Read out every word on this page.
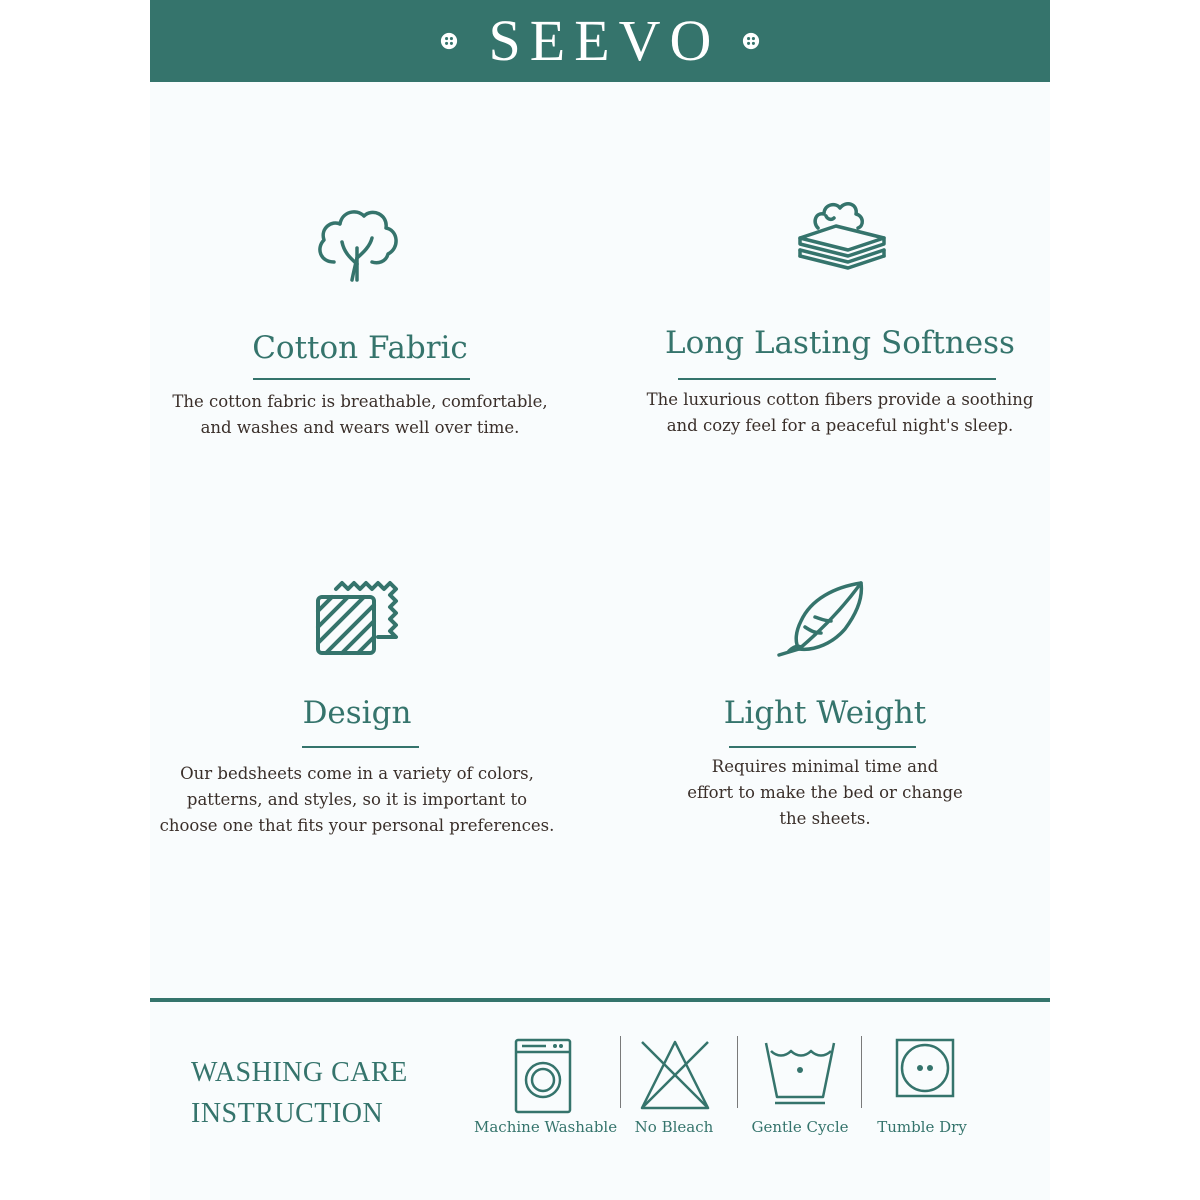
SEEVO
Cotton Fabric
The cotton fabric is breathable, comfortable,
and washes and wears well over time.
Long Lasting Softness
The luxurious cotton fibers provide a soothing
and cozy feel for a peaceful night's sleep.
Design
Our bedsheets come in a variety of colors,
patterns, and styles, so it is important to
choose one that fits your personal preferences.
Light Weight
Requires minimal time and
effort to make the bed or change
the sheets.
WASHING CARE
INSTRUCTION	Machine Washable	No Bleach	Gentle Cycle	Tumble Dry
